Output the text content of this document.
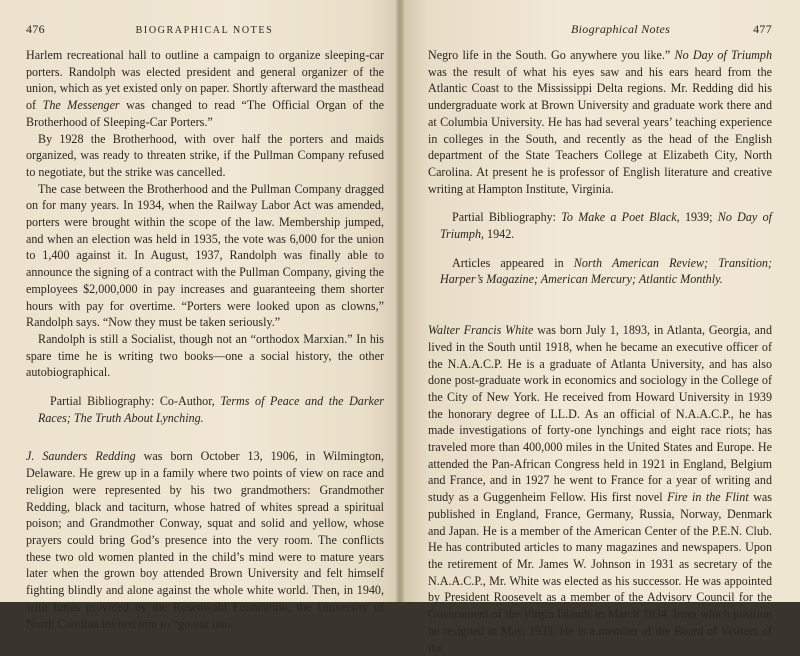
476	BIOGRAPHICAL NOTES

Harlem recreational hall to outline a campaign to organize sleeping-car porters. Randolph was elected president and general organizer of the union, which as yet existed only on paper. Shortly afterward the masthead of The Messenger was changed to read “The Official Organ of the Brotherhood of Sleeping-Car Porters.”

By 1928 the Brotherhood, with over half the porters and maids organized, was ready to threaten strike, if the Pullman Company refused to negotiate, but the strike was cancelled.

The case between the Brotherhood and the Pullman Company dragged on for many years. In 1934, when the Railway Labor Act was amended, porters were brought within the scope of the law. Membership jumped, and when an election was held in 1935, the vote was 6,000 for the union to 1,400 against it. In August, 1937, Randolph was finally able to announce the signing of a contract with the Pullman Company, giving the employees $2,000,000 in pay increases and guaranteeing them shorter hours with pay for overtime. “Porters were looked upon as clowns,” Randolph says. “Now they must be taken seriously.”

Randolph is still a Socialist, though not an “orthodox Marxian.” In his spare time he is writing two books—one a social history, the other autobiographical.

Partial Bibliography: Co-Author, Terms of Peace and the Darker Races; The Truth About Lynching.

J. Saunders Redding was born October 13, 1906, in Wilmington, Delaware. He grew up in a family where two points of view on race and religion were represented by his two grandmothers: Grandmother Redding, black and taciturn, whose hatred of whites spread a spiritual poison; and Grandmother Conway, squat and solid and yellow, whose prayers could bring God’s presence into the very room. The conflicts these two old women planted in the child’s mind were to mature years later when the grown boy attended Brown University and felt himself fighting blindly and alone against the whole white world. Then, in 1940, with funds provided by the Rosenwald Foundation, the University of North Carolina invited him to “go out into

Biographical Notes	477

Negro life in the South. Go anywhere you like.” No Day of Triumph was the result of what his eyes saw and his ears heard from the Atlantic Coast to the Mississippi Delta regions. Mr. Redding did his undergraduate work at Brown University and graduate work there and at Columbia University. He has had several years’ teaching experience in colleges in the South, and recently as the head of the English department of the State Teachers College at Elizabeth City, North Carolina. At present he is professor of English literature and creative writing at Hampton Institute, Virginia.

Partial Bibliography: To Make a Poet Black, 1939; No Day of Triumph, 1942.

Articles appeared in North American Review; Transition; Harper’s Magazine; American Mercury; Atlantic Monthly.

Walter Francis White was born July 1, 1893, in Atlanta, Georgia, and lived in the South until 1918, when he became an executive officer of the N.A.A.C.P. He is a graduate of Atlanta University, and has also done post-graduate work in economics and sociology in the College of the City of New York. He received from Howard University in 1939 the honorary degree of LL.D. As an official of N.A.A.C.P., he has made investigations of forty-one lynchings and eight race riots; has traveled more than 400,000 miles in the United States and Europe. He attended the Pan-African Congress held in 1921 in England, Belgium and France, and in 1927 he went to France for a year of writing and study as a Guggenheim Fellow. His first novel Fire in the Flint was published in England, France, Germany, Russia, Norway, Denmark and Japan. He is a member of the American Center of the P.E.N. Club. He has contributed articles to many magazines and newspapers. Upon the retirement of Mr. James W. Johnson in 1931 as secretary of the N.A.A.C.P., Mr. White was elected as his successor. He was appointed by President Roosevelt as a member of the Advisory Council for the Government of the Virgin Islands in March 1934, from which position he resigned in May, 1935. He is a member of the Board of Visitors of the
